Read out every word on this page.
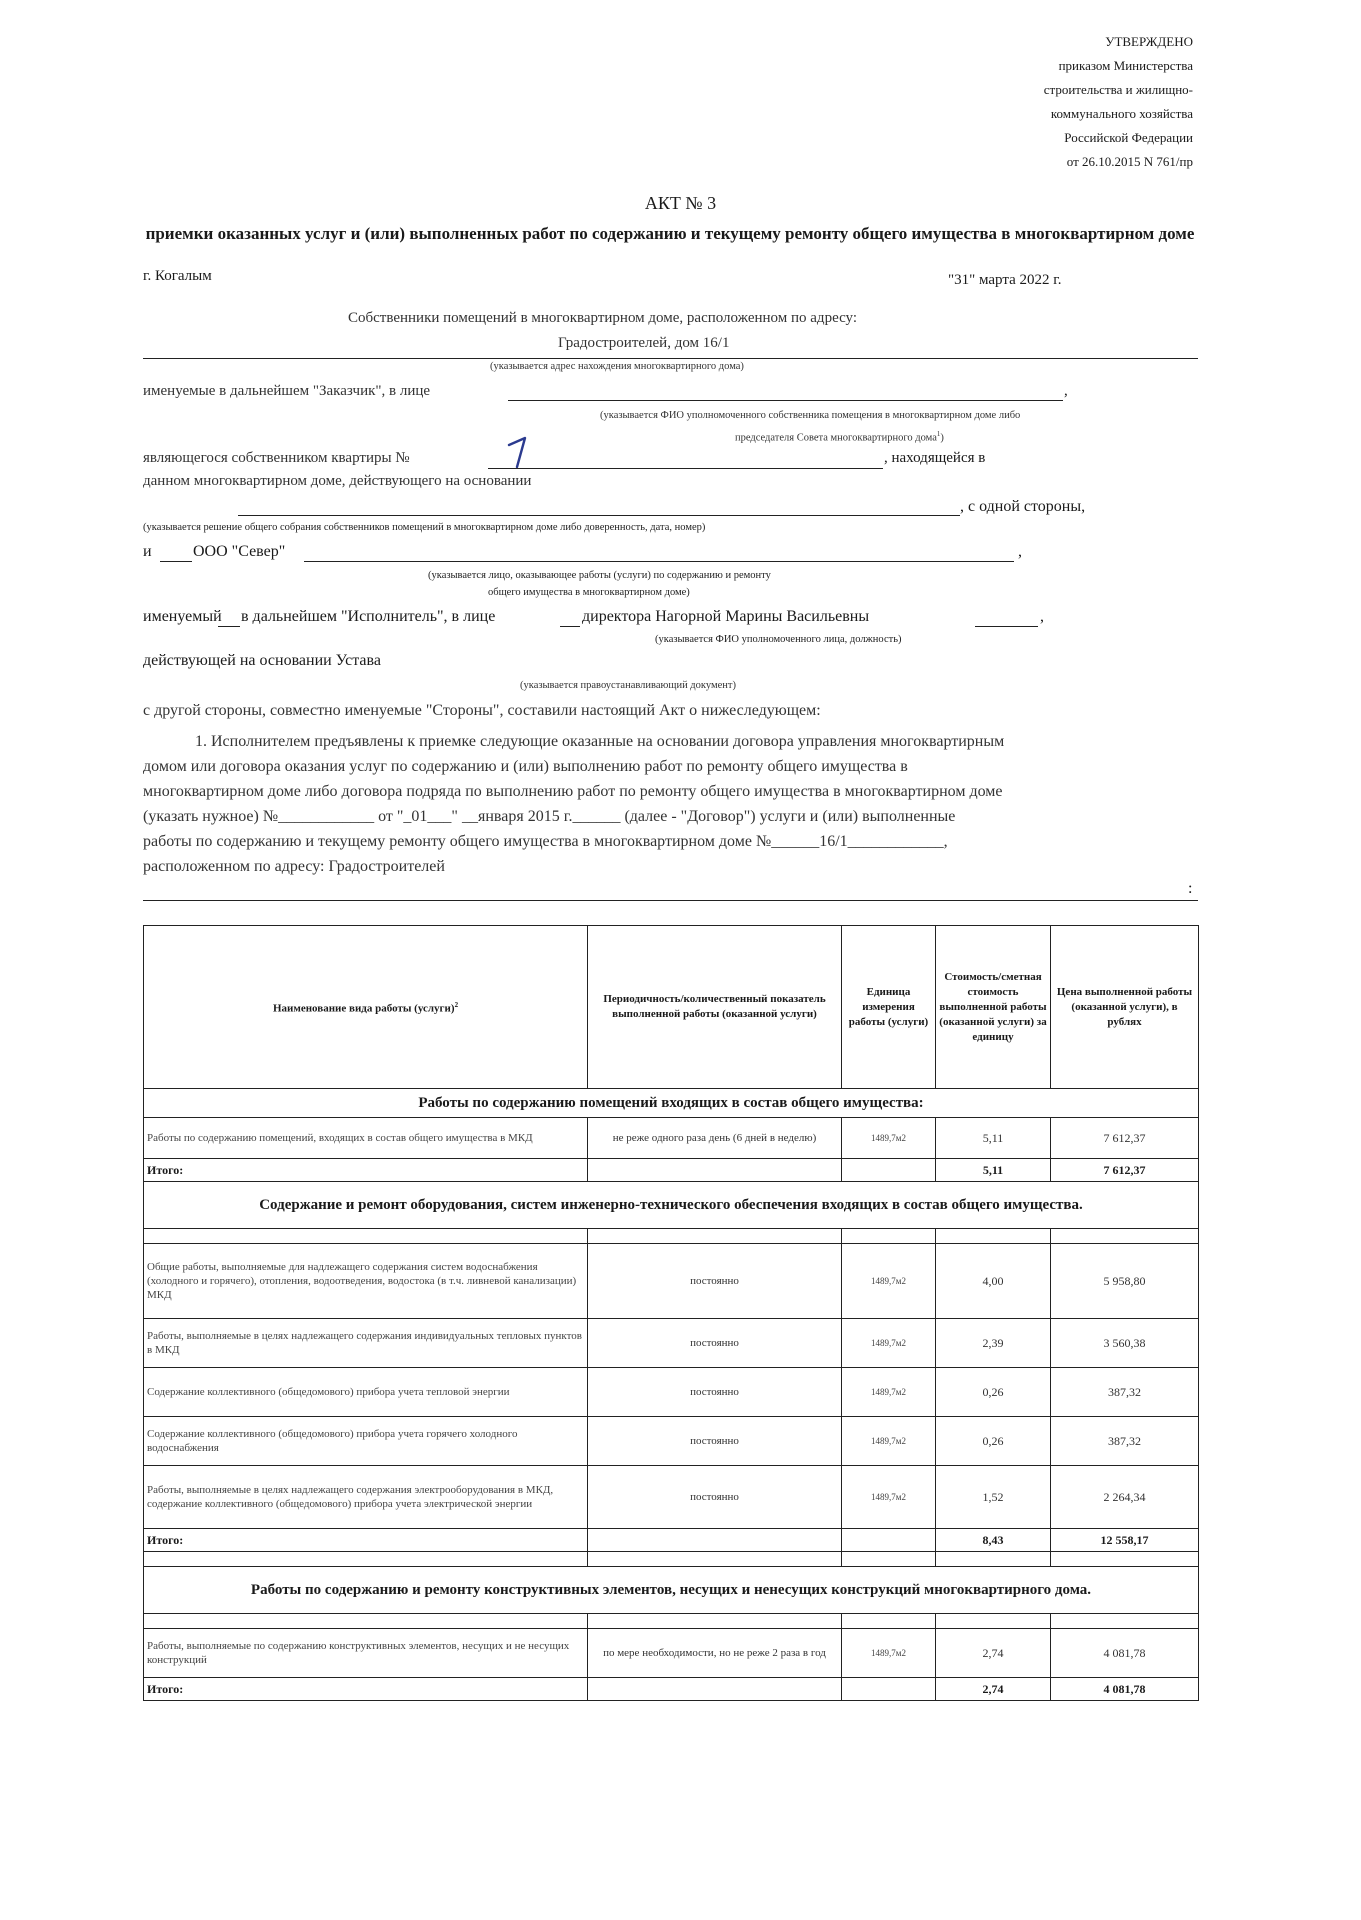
УТВЕРЖДЕНО
приказом Министерства
строительства и жилищно-
коммунального хозяйства
Российской Федерации
от 26.10.2015 N 761/пр
АКТ № 3
приемки оказанных услуг и (или) выполненных работ по содержанию и текущему ремонту общего имущества в многоквартирном доме
г. Когалым	"31" марта 2022 г.
Собственники помещений в многоквартирном доме, расположенном по адресу:
Градостроителей, дом 16/1
(указывается адрес нахождения многоквартирного дома)
именуемые в дальнейшем "Заказчик", в лице	,
(указывается ФИО уполномоченного собственника помещения в многоквартирном доме либо
председателя Совета многоквартирного дома$^1$)
являющегося собственником квартиры №	, находящейся в
данном многоквартирном доме, действующего на основании
, с одной стороны,
(указывается решение общего собрания собственников помещений в многоквартирном доме либо доверенность, дата, номер)
и	ООО "Север"	,
(указывается лицо, оказывающее работы (услуги) по содержанию и ремонту
общего имущества в многоквартирном доме)
именуемый в дальнейшем "Исполнитель", в лице	директора Нагорной Марины Васильевны	,
(указывается ФИО уполномоченного лица, должность)
действующей на основании Устава
(указывается правоустанавливающий документ)
с другой стороны, совместно именуемые "Стороны", составили настоящий Акт о нижеследующем:
1. Исполнителем предъявлены к приемке следующие оказанные на основании договора управления многоквартирным
домом или договора оказания услуг по содержанию и (или) выполнению работ по ремонту общего имущества в
многоквартирном доме либо договора подряда по выполнению работ по ремонту общего имущества в многоквартирном доме
(указать нужное) №____________ от "_01___" __января 2015 г.______ (далее - "Договор") услуги и (или) выполненные
работы по содержанию и текущему ремонту общего имущества в многоквартирном доме №______16/1____________,
расположенном по адресу: Градостроителей
:
Наименование вида работы (услуги)$^2$	Периодичность/количественный показатель выполненной работы (оказанной услуги)	Единица измерения работы (услуги)	Стоимость/сметная стоимость выполненной работы (оказанной услуги) за единицу	Цена выполненной работы (оказанной услуги), в рублях
Работы по содержанию помещений входящих в состав общего имущества:				
Работы по содержанию помещений, входящих в состав общего имущества в МКД	не реже одного раза день (6 дней в неделю)	1489,7м2	5,11	7 612,37
Итого:			5,11	7 612,37
Содержание и ремонт оборудования, систем инженерно-технического обеспечения входящих в состав общего имущества.				

Общие работы, выполняемые для надлежащего содержания систем водоснабжения (холодного и горячего), отопления, водоотведения, водостока (в т.ч. ливневой канализации) МКД	постоянно	1489,7м2	4,00	5 958,80
Работы, выполняемые в целях надлежащего содержания индивидуальных тепловых пунктов в МКД	постоянно	1489,7м2	2,39	3 560,38
Содержание коллективного (общедомового) прибора учета тепловой энергии	постоянно	1489,7м2	0,26	387,32
Содержание коллективного (общедомового) прибора учета горячего холодного водоснабжения	постоянно	1489,7м2	0,26	387,32
Работы, выполняемые в целях надлежащего содержания электрооборудования в МКД, содержание коллективного (общедомового) прибора учета электрической энергии	постоянно	1489,7м2	1,52	2 264,34
Итого:			8,43	12 558,17

Работы по содержанию и ремонту конструктивных элементов, несущих и ненесущих конструкций многоквартирного дома.				

Работы, выполняемые по содержанию конструктивных элементов, несущих и не несущих конструкций	по мере необходимости, но не реже 2 раза в год	1489,7м2	2,74	4 081,78
Итого:			2,74	4 081,78
